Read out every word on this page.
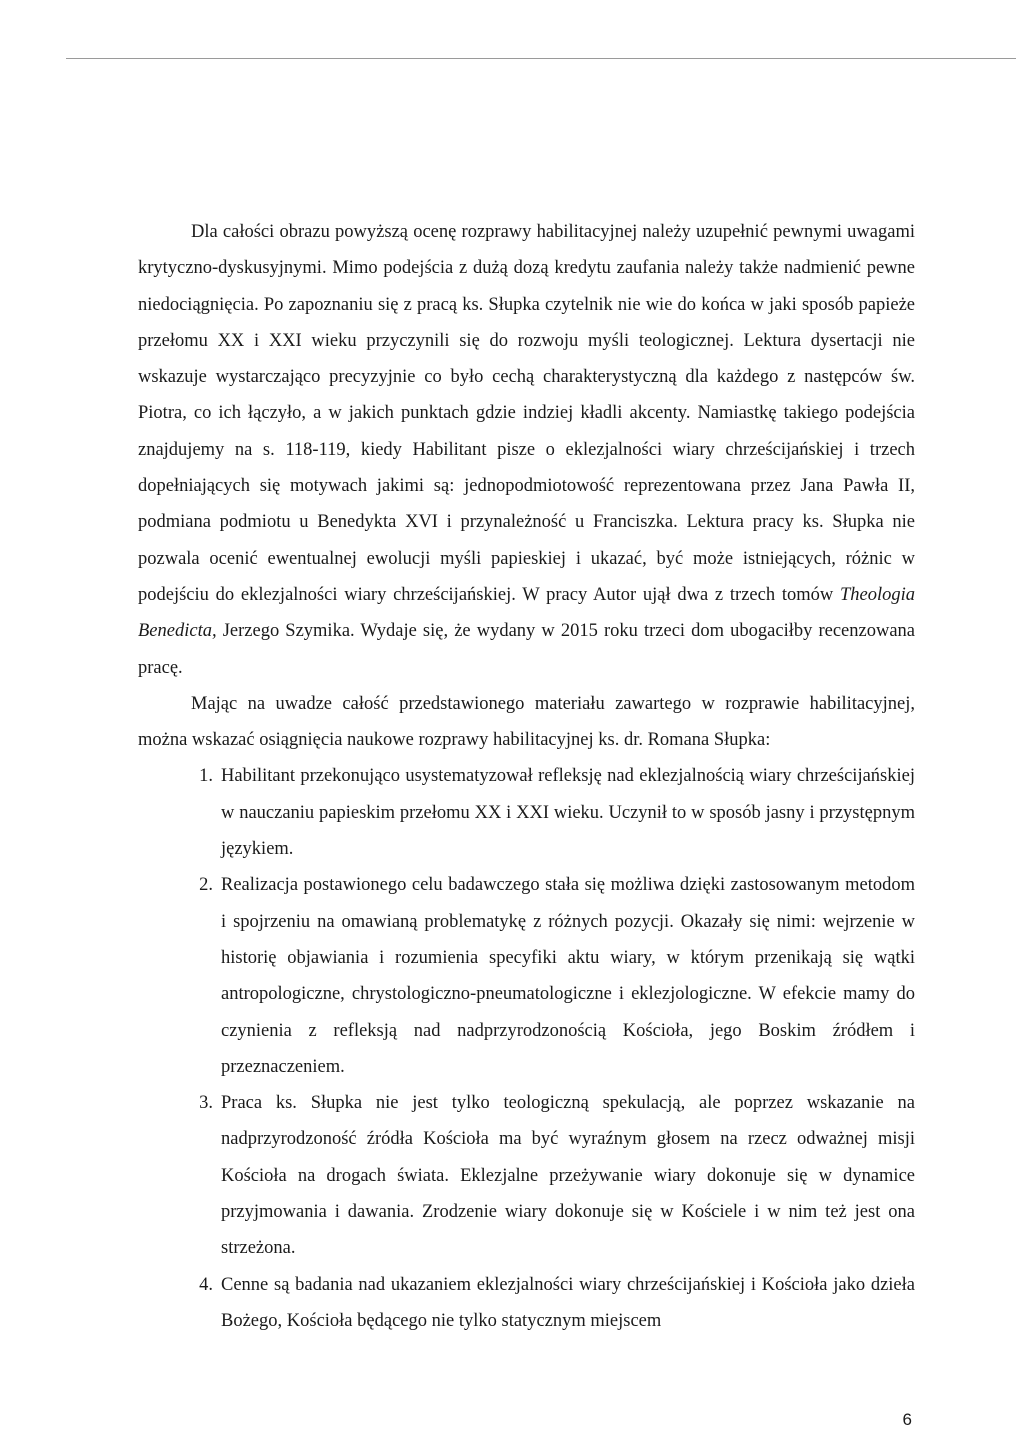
Dla całości obrazu powyższą ocenę rozprawy habilitacyjnej należy uzupełnić pewnymi uwagami krytyczno-dyskusyjnymi. Mimo podejścia z dużą dozą kredytu zaufania należy także nadmienić pewne niedociągnięcia. Po zapoznaniu się z pracą ks. Słupka czytelnik nie wie do końca w jaki sposób papieże przełomu XX i XXI wieku przyczynili się do rozwoju myśli teologicznej. Lektura dysertacji nie wskazuje wystarczająco precyzyjnie co było cechą charakterystyczną dla każdego z następców św. Piotra, co ich łączyło, a w jakich punktach gdzie indziej kładli akcenty. Namiastkę takiego podejścia znajdujemy na s. 118-119, kiedy Habilitant pisze o eklezjalności wiary chrześcijańskiej i trzech dopełniających się motywach jakimi są: jednopodmiotowość reprezentowana przez Jana Pawła II, podmiana podmiotu u Benedykta XVI i przynależność u Franciszka. Lektura pracy ks. Słupka nie pozwala ocenić ewentualnej ewolucji myśli papieskiej i ukazać, być może istniejących, różnic w podejściu do eklezjalności wiary chrześcijańskiej. W pracy Autor ujął dwa z trzech tomów Theologia Benedicta, Jerzego Szymika. Wydaje się, że wydany w 2015 roku trzeci dom ubogaciłby recenzowana pracę.

Mając na uwadze całość przedstawionego materiału zawartego w rozprawie habilitacyjnej, można wskazać osiągnięcia naukowe rozprawy habilitacyjnej ks. dr. Romana Słupka:

1. Habilitant przekonująco usystematyzował refleksję nad eklezjalnością wiary chrześcijańskiej w nauczaniu papieskim przełomu XX i XXI wieku. Uczynił to w sposób jasny i przystępnym językiem.
2. Realizacja postawionego celu badawczego stała się możliwa dzięki zastosowanym metodom i spojrzeniu na omawianą problematykę z różnych pozycji. Okazały się nimi: wejrzenie w historię objawiania i rozumienia specyfiki aktu wiary, w którym przenikają się wątki antropologiczne, chrystologiczno-pneumatologiczne i eklezjologiczne. W efekcie mamy do czynienia z refleksją nad nadprzyrodzonością Kościoła, jego Boskim źródłem i przeznaczeniem.
3. Praca ks. Słupka nie jest tylko teologiczną spekulacją, ale poprzez wskazanie na nadprzyrodzoność źródła Kościoła ma być wyraźnym głosem na rzecz odważnej misji Kościoła na drogach świata. Eklezjalne przeżywanie wiary dokonuje się w dynamice przyjmowania i dawania. Zrodzenie wiary dokonuje się w Kościele i w nim też jest ona strzeżona.
4. Cenne są badania nad ukazaniem eklezjalności wiary chrześcijańskiej i Kościoła jako dzieła Bożego, Kościoła będącego nie tylko statycznym miejscem
6
